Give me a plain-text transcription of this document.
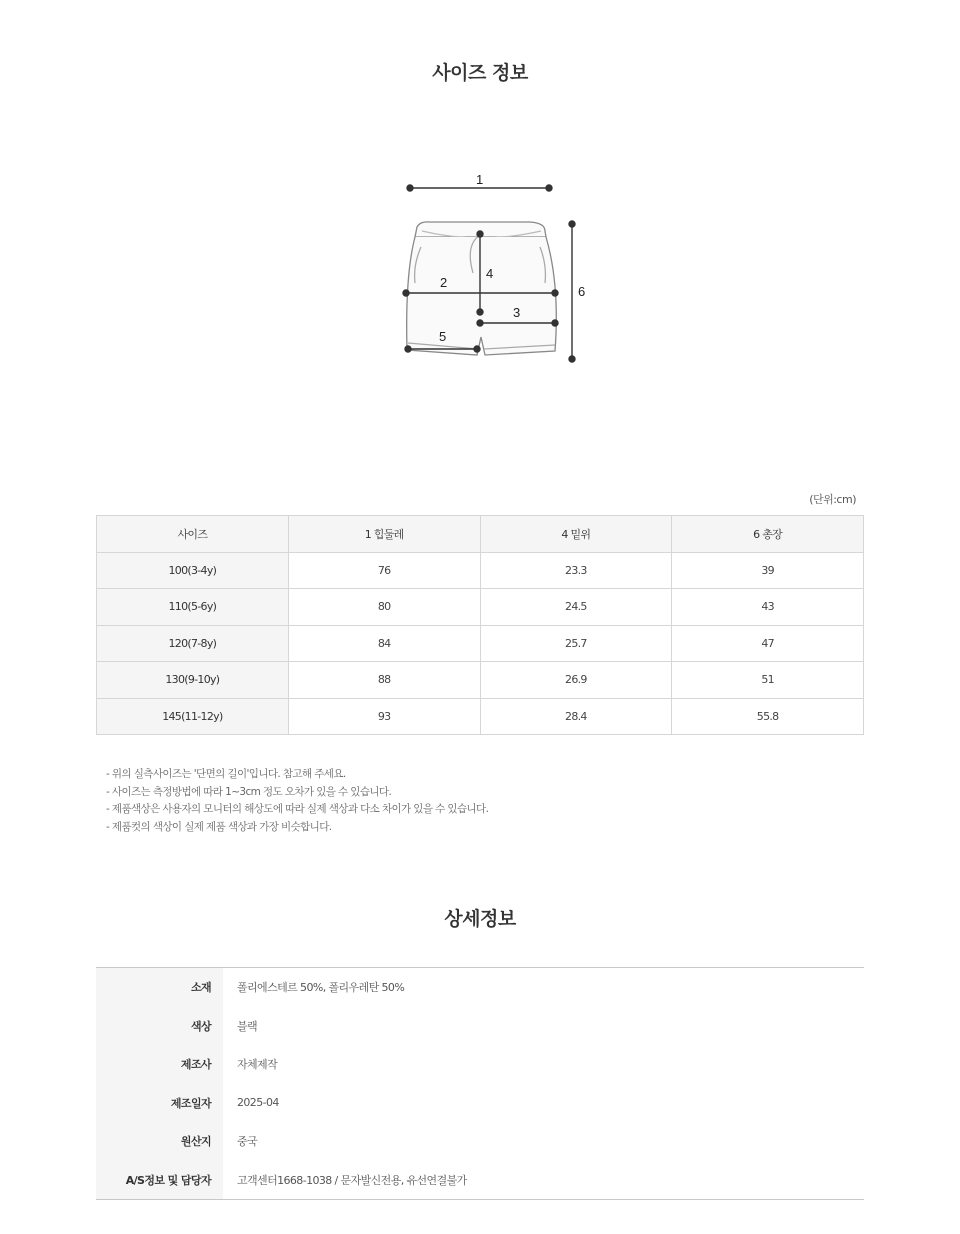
사이즈 정보
1
2
3
4
5
6
(단위:cm)
사이즈	1 힙둘레	4 밑위	6 총장
100(3-4y)	76	23.3	39
110(5-6y)	80	24.5	43
120(7-8y)	84	25.7	47
130(9-10y)	88	26.9	51
145(11-12y)	93	28.4	55.8
- 위의 실측사이즈는 '단면의 길이'입니다. 참고해 주세요.
- 사이즈는 측정방법에 따라 1~3cm 정도 오차가 있을 수 있습니다.
- 제품색상은 사용자의 모니터의 해상도에 따라 실제 색상과 다소 차이가 있을 수 있습니다.
- 제품컷의 색상이 실제 제품 색상과 가장 비슷합니다.
상세정보
소재	폴리에스테르 50%, 폴리우레탄 50%
색상	블랙
제조사	자체제작
제조일자	2025-04
원산지	중국
A/S정보 및 담당자	고객센터1668-1038 / 문자발신전용, 유선연결불가
